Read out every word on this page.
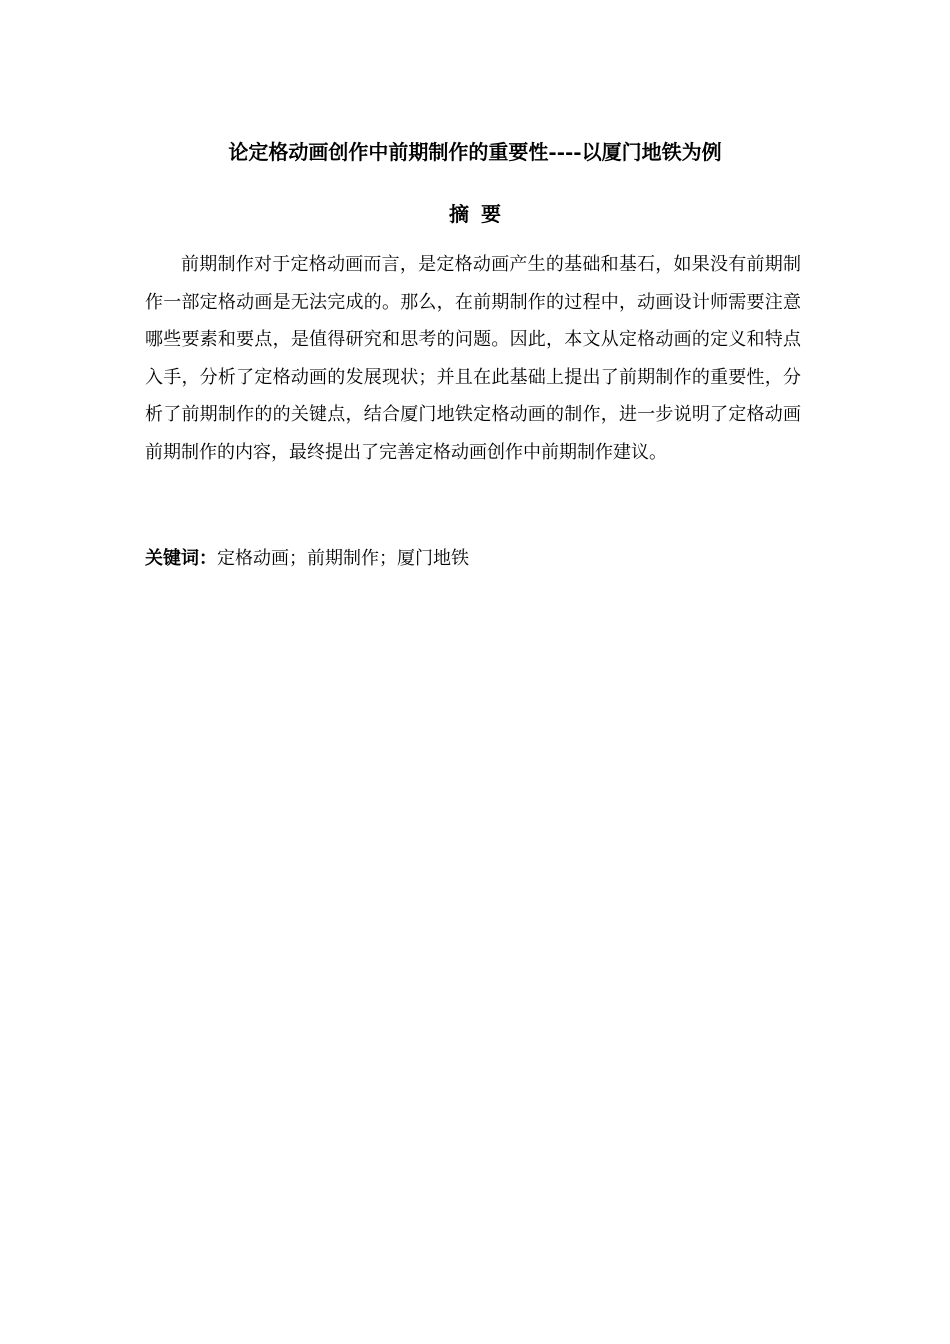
论定格动画创作中前期制作的重要性----以厦门地铁为例
摘要

前期制作对于定格动画而言，是定格动画产生的基础和基石，如果没有前期制作一部定格动画是无法完成的。那么，在前期制作的过程中，动画设计师需要注意哪些要素和要点，是值得研究和思考的问题。因此，本文从定格动画的定义和特点入手，分析了定格动画的发展现状；并且在此基础上提出了前期制作的重要性，分析了前期制作的的关键点，结合厦门地铁定格动画的制作，进一步说明了定格动画前期制作的内容，最终提出了完善定格动画创作中前期制作建议。

关键词：定格动画；前期制作；厦门地铁
